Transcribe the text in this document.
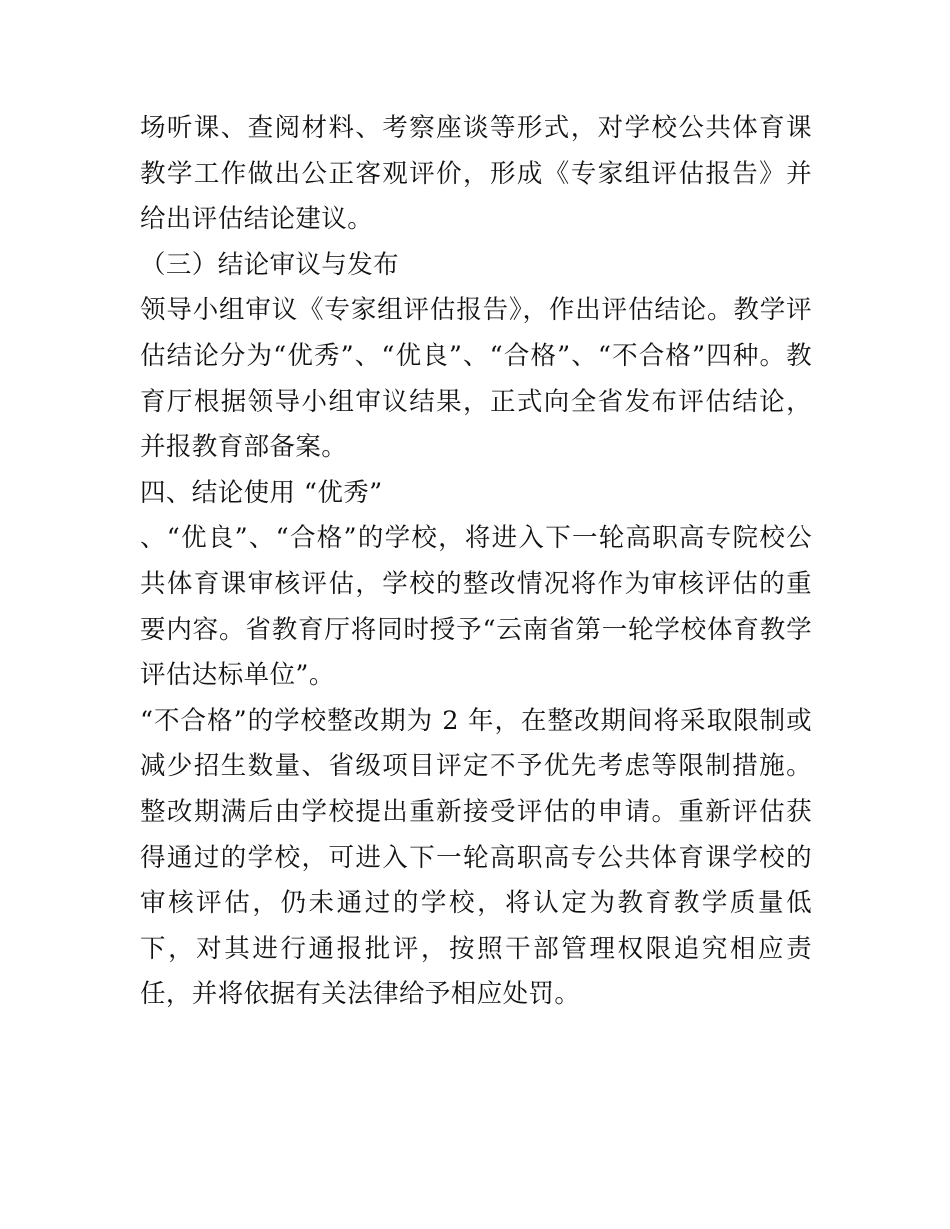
场听课、查阅材料、考察座谈等形式，对学校公共体育课教学工作做出公正客观评价，形成《专家组评估报告》并给出评估结论建议。

（三）结论审议与发布

领导小组审议《专家组评估报告》，作出评估结论。教学评估结论分为“优秀”、“优良”、“合格”、“不合格”四种。教育厅根据领导小组审议结果，正式向全省发布评估结论，并报教育部备案。

四、结论使用 “优秀”

、“优良”、“合格”的学校，将进入下一轮高职高专院校公共体育课审核评估，学校的整改情况将作为审核评估的重要内容。省教育厅将同时授予“云南省第一轮学校体育教学评估达标单位”。

“不合格”的学校整改期为 2 年，在整改期间将采取限制或减少招生数量、省级项目评定不予优先考虑等限制措施。整改期满后由学校提出重新接受评估的申请。重新评估获得通过的学校，可进入下一轮高职高专公共体育课学校的审核评估，仍未通过的学校，将认定为教育教学质量低下，对其进行通报批评，按照干部管理权限追究相应责任，并将依据有关法律给予相应处罚。
